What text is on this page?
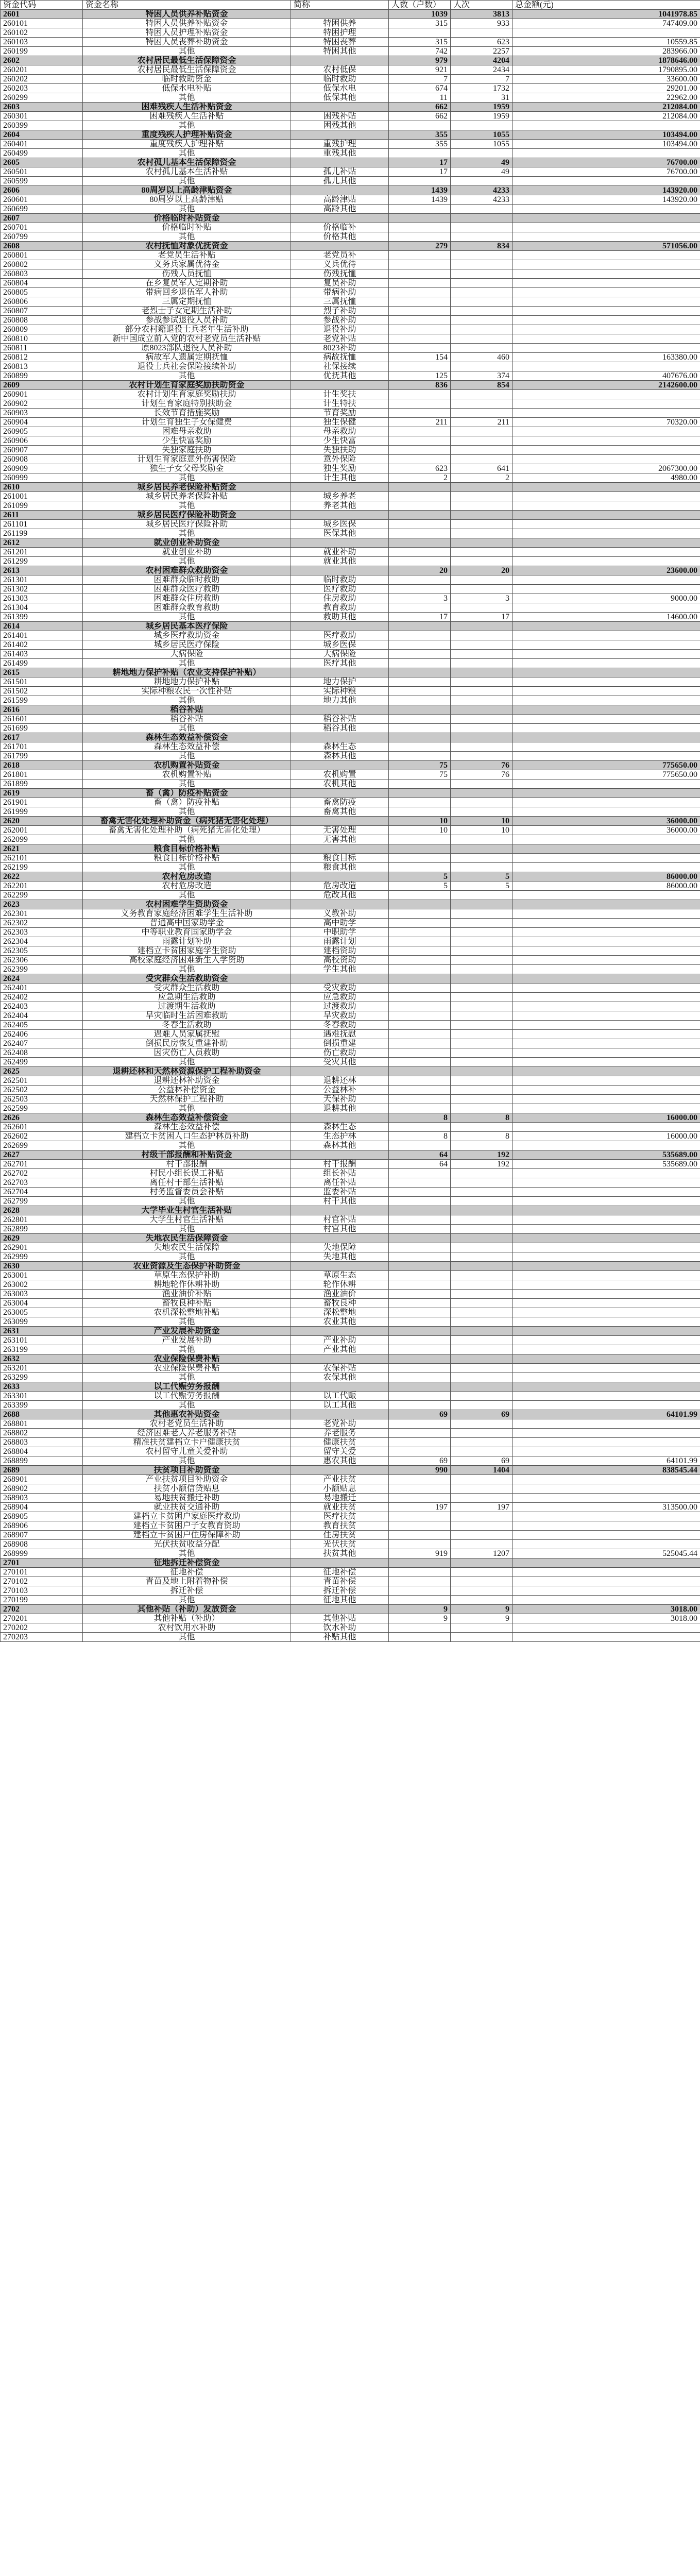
资金代码	资金名称	简称	人数（户数）	人次	总金额(元)
2601	特困人员供养补贴资金		1039	3813	1041978.85
260101	特困人员供养补贴资金	特困供养	315	933	747409.00
260102	特困人员护理补贴资金	特困护理			
260103	特困人员丧葬补助资金	特困丧葬	315	623	10559.85
260199	其他	特困其他	742	2257	283966.00
2602	农村居民最低生活保障资金		979	4204	1878646.00
260201	农村居民最低生活保障资金	农村低保	921	2434	1790895.00
260202	临时救助资金	临时救助	7	7	33600.00
260203	低保水电补贴	低保水电	674	1732	29201.00
260299	其他	低保其他	11	31	22962.00
2603	困难残疾人生活补贴资金		662	1959	212084.00
260301	困难残疾人生活补贴	困残补贴	662	1959	212084.00
260399	其他	困残其他			
2604	重度残疾人护理补贴资金		355	1055	103494.00
260401	重度残疾人护理补贴	重残护理	355	1055	103494.00
260499	其他	重残其他			
2605	农村孤儿基本生活保障资金		17	49	76700.00
260501	农村孤儿基本生活补贴	孤儿补贴	17	49	76700.00
260599	其他	孤儿其他			
2606	80周岁以上高龄津贴资金		1439	4233	143920.00
260601	80周岁以上高龄津贴	高龄津贴	1439	4233	143920.00
260699	其他	高龄其他			
2607	价格临时补贴资金				
260701	价格临时补贴	价格临补			
260799	其他	价格其他			
2608	农村抚恤对象优抚资金		279	834	571056.00
260801	老党员生活补贴	老党员补			
260802	义务兵家属优待金	义兵优待			
260803	伤残人员抚恤	伤残抚恤			
260804	在乡复员军人定期补助	复员补助			
260805	带病回乡退伍军人补助	带病补助			
260806	三属定期抚恤	三属抚恤			
260807	老烈士子女定期生活补助	烈子补助			
260808	参战参试退役人员补助	参战补助			
260809	部分农村籍退役士兵老年生活补助	退役补助			
260810	新中国成立前入党的农村老党员生活补贴	老党补贴			
260811	原8023部队退役人员补助	8023补助			
260812	病故军人遗属定期抚恤	病故抚恤	154	460	163380.00
260813	退役士兵社会保险接续补助	社保接续			
260899	其他	优抚其他	125	374	407676.00
2609	农村计划生育家庭奖励扶助资金		836	854	2142600.00
260901	农村计划生育家庭奖励扶助	计生奖扶			
260902	计划生育家庭特别扶助金	计生特扶			
260903	长效节育措施奖励	节育奖励			
260904	计划生育独生子女保健费	独生保健	211	211	70320.00
260905	困难母亲救助	母亲救助			
260906	少生快富奖励	少生快富			
260907	失独家庭扶助	失独扶助			
260908	计划生育家庭意外伤害保险	意外保险			
260909	独生子女父母奖励金	独生奖励	623	641	2067300.00
260999	其他	计生其他	2	2	4980.00
2610	城乡居民养老保险补贴资金				
261001	城乡居民养老保险补贴	城乡养老			
261099	其他	养老其他			
2611	城乡居民医疗保险补助资金				
261101	城乡居民医疗保险补助	城乡医保			
261199	其他	医保其他			
2612	就业创业补助资金				
261201	就业创业补助	就业补助			
261299	其他	就业其他			
2613	农村困难群众救助资金		20	20	23600.00
261301	困难群众临时救助	临时救助			
261302	困难群众医疗救助	医疗救助			
261303	困难群众住房救助	住房救助	3	3	9000.00
261304	困难群众教育救助	教育救助			
261399	其他	救助其他	17	17	14600.00
2614	城乡居民基本医疗保险				
261401	城乡医疗救助资金	医疗救助			
261402	城乡居民医疗保险	城乡医保			
261403	大病保险	大病保险			
261499	其他	医疗其他			
2615	耕地地力保护补贴（农业支持保护补贴）				
261501	耕地地力保护补贴	地力保护			
261502	实际种粮农民一次性补贴	实际种粮			
261599	其他	地力其他			
2616	稻谷补贴				
261601	稻谷补贴	稻谷补贴			
261699	其他	稻谷其他			
2617	森林生态效益补偿资金				
261701	森林生态效益补偿	森林生态			
261799	其他	森林其他			
2618	农机购置补贴资金		75	76	775650.00
261801	农机购置补贴	农机购置	75	76	775650.00
261899	其他	农机其他			
2619	畜（禽）防疫补贴资金				
261901	畜（禽）防疫补贴	畜禽防疫			
261999	其他	畜禽其他			
2620	畜禽无害化处理补助资金（病死猪无害化处理）		10	10	36000.00
262001	畜禽无害化处理补助（病死猪无害化处理）	无害处理	10	10	36000.00
262099	其他	无害其他			
2621	粮食目标价格补贴				
262101	粮食目标价格补贴	粮食目标			
262199	其他	粮食其他			
2622	农村危房改造		5	5	86000.00
262201	农村危房改造	危房改造	5	5	86000.00
262299	其他	危改其他			
2623	农村困难学生资助资金				
262301	义务教育家庭经济困难学生生活补助	义教补助			
262302	普通高中国家助学金	高中助学			
262303	中等职业教育国家助学金	中职助学			
262304	雨露计划补助	雨露计划			
262305	建档立卡贫困家庭学生资助	建档资助			
262306	高校家庭经济困难新生入学资助	高校资助			
262399	其他	学生其他			
2624	受灾群众生活救助资金				
262401	受灾群众生活救助	受灾救助			
262402	应急期生活救助	应急救助			
262403	过渡期生活救助	过渡救助			
262404	旱灾临时生活困难救助	旱灾救助			
262405	冬春生活救助	冬春救助			
262406	遇难人员家属抚慰	遇难抚慰			
262407	倒损民房恢复重建补助	倒损重建			
262408	因灾伤亡人员救助	伤亡救助			
262499	其他	受灾其他			
2625	退耕还林和天然林资源保护工程补助资金				
262501	退耕还林补助资金	退耕还林			
262502	公益林补偿资金	公益林补			
262503	天然林保护工程补助	天保补助			
262599	其他	退耕其他			
2626	森林生态效益补偿资金		8	8	16000.00
262601	森林生态效益补偿	森林生态			
262602	建档立卡贫困人口生态护林员补助	生态护林	8	8	16000.00
262699	其他	森林其他			
2627	村级干部报酬和补贴资金		64	192	535689.00
262701	村干部报酬	村干报酬	64	192	535689.00
262702	村民小组长误工补贴	组长补贴			
262703	离任村干部生活补贴	离任补贴			
262704	村务监督委员会补贴	监委补贴			
262799	其他	村干其他			
2628	大学毕业生村官生活补贴				
262801	大学生村官生活补贴	村官补贴			
262899	其他	村官其他			
2629	失地农民生活保障资金				
262901	失地农民生活保障	失地保障			
262999	其他	失地其他			
2630	农业资源及生态保护补助资金				
263001	草原生态保护补助	草原生态			
263002	耕地轮作休耕补助	轮作休耕			
263003	渔业油价补贴	渔业油价			
263004	畜牧良种补贴	畜牧良种			
263005	农机深松整地补贴	深松整地			
263099	其他	农业其他			
2631	产业发展补助资金				
263101	产业发展补助	产业补助			
263199	其他	产业其他			
2632	农业保险保费补贴				
263201	农业保险保费补贴	农保补贴			
263299	其他	农保其他			
2633	以工代赈劳务报酬				
263301	以工代赈劳务报酬	以工代赈			
263399	其他	以工其他			
2688	其他惠农补贴资金		69	69	64101.99
268801	农村老党员生活补助	老党补助			
268802	经济困难老人养老服务补贴	养老服务			
268803	精准扶贫建档立卡户健康扶贫	健康扶贫			
268804	农村留守儿童关爱补助	留守关爱			
268899	其他	惠农其他	69	69	64101.99
2689	扶贫项目补助资金		990	1404	838545.44
268901	产业扶贫项目补助资金	产业扶贫			
268902	扶贫小额信贷贴息	小额贴息			
268903	易地扶贫搬迁补助	易地搬迁			
268904	就业扶贫交通补助	就业扶贫	197	197	313500.00
268905	建档立卡贫困户家庭医疗救助	医疗扶贫			
268906	建档立卡贫困户子女教育资助	教育扶贫			
268907	建档立卡贫困户住房保障补助	住房扶贫			
268908	光伏扶贫收益分配	光伏扶贫			
268999	其他	扶贫其他	919	1207	525045.44
2701	征地拆迁补偿资金				
270101	征地补偿	征地补偿			
270102	青苗及地上附着物补偿	青苗补偿			
270103	拆迁补偿	拆迁补偿			
270199	其他	征地其他			
2702	其他补贴（补助）发放资金		9	9	3018.00
270201	其他补贴（补助）	其他补贴	9	9	3018.00
270202	农村饮用水补助	饮水补助			
270203	其他	补贴其他			
